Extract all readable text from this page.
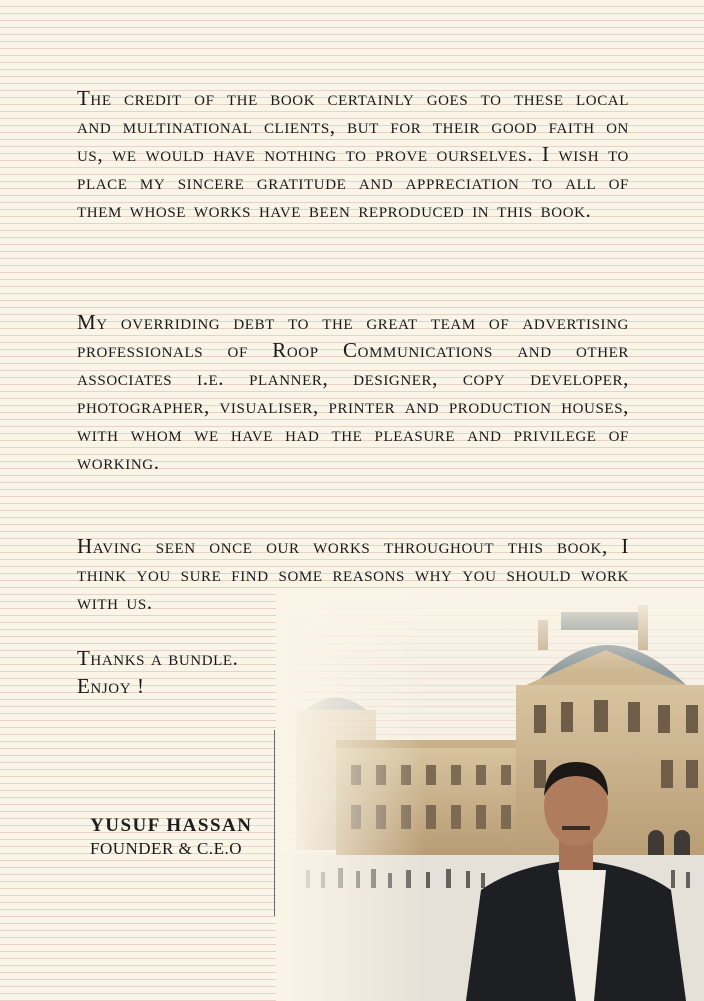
The credit of the book certainly goes to these local and multinational clients, but for their good faith on us, we would have nothing to prove ourselves. I wish to place my sincere gratitude and appreciation to all of them whose works have been reproduced in this book.

My overriding debt to the great team of advertising professionals of Roop Communications and other associates i.e. planner, designer, copy developer, photographer, visualiser, printer and production houses, with whom we have had the pleasure and privilege of working.

Having seen once our works throughout this book, I think you sure find some reasons why you should work with us.

Thanks a bundle.
Enjoy !
YUSUF HASSAN
FOUNDER & C.E.O
